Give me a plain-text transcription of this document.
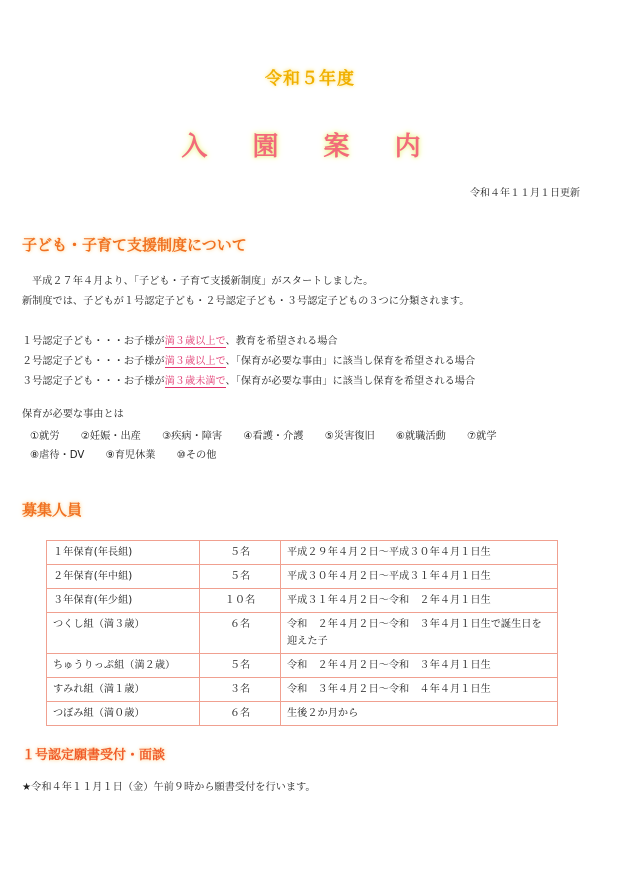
令和５年度
入 園 案 内
令和４年１１月１日更新
子ども・子育て支援制度について
平成２７年４月より、「子ども・子育て支援新制度」がスタートしました。
新制度では、子どもが１号認定子ども・２号認定子ども・３号認定子どもの３つに分類されます。
１号認定子ども・・・お子様が満３歳以上で、教育を希望される場合
２号認定子ども・・・お子様が満３歳以上で、「保育が必要な事由」に該当し保育を希望される場合
３号認定子ども・・・お子様が満３歳未満で、「保育が必要な事由」に該当し保育を希望される場合
保育が必要な事由とは
①就労 ②妊娠・出産 ③疾病・障害 ④看護・介護 ⑤災害復旧 ⑥就職活動 ⑦就学
⑧虐待・DV ⑨育児休業 ⑩その他
募集人員
１年保育(年長組)	５名	平成２９年４月２日～平成３０年４月１日生
２年保育(年中組)	５名	平成３０年４月２日～平成３１年４月１日生
３年保育(年少組)	１０名	平成３１年４月２日～令和　２年４月１日生
つくし組（満３歳）	６名	令和　２年４月２日～令和　３年４月１日生で誕生日を迎えた子
ちゅうりっぷ組（満２歳）	５名	令和　２年４月２日～令和　３年４月１日生
すみれ組（満１歳）	３名	令和　３年４月２日～令和　４年４月１日生
つぼみ組（満０歳）	６名	生後２か月から
１号認定願書受付・面談
★令和４年１１月１日（金）午前９時から願書受付を行います。
